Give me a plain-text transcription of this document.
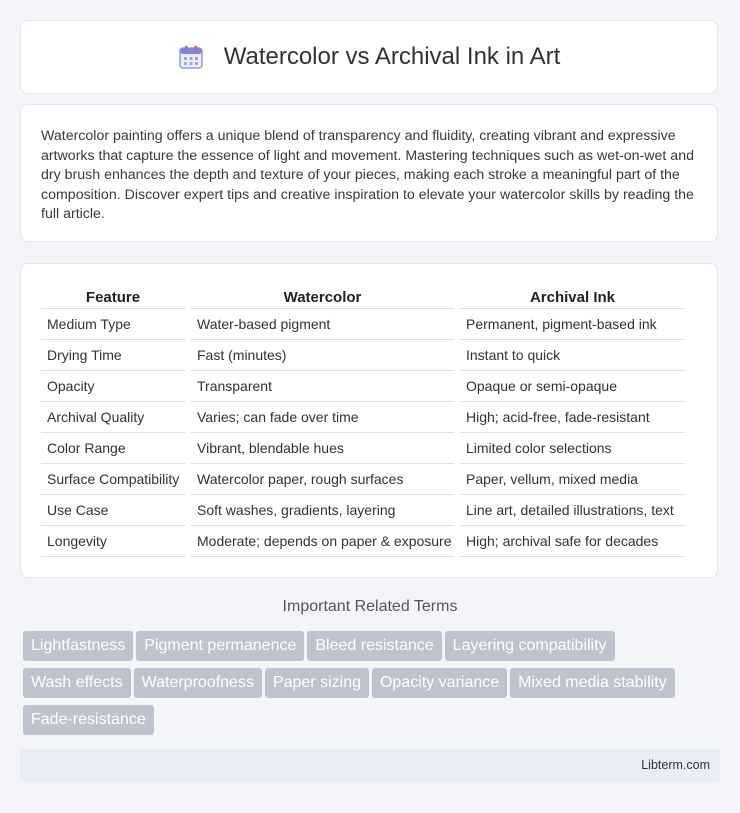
Watercolor vs Archival Ink in Art

Watercolor painting offers a unique blend of transparency and fluidity, creating vibrant and expressive artworks that capture the essence of light and movement. Mastering techniques such as wet-on-wet and dry brush enhances the depth and texture of your pieces, making each stroke a meaningful part of the composition. Discover expert tips and creative inspiration to elevate your watercolor skills by reading the full article.

Feature	Watercolor	Archival Ink
Medium Type	Water-based pigment	Permanent, pigment-based ink
Drying Time	Fast (minutes)	Instant to quick
Opacity	Transparent	Opaque or semi-opaque
Archival Quality	Varies; can fade over time	High; acid-free, fade-resistant
Color Range	Vibrant, blendable hues	Limited color selections
Surface Compatibility	Watercolor paper, rough surfaces	Paper, vellum, mixed media
Use Case	Soft washes, gradients, layering	Line art, detailed illustrations, text
Longevity	Moderate; depends on paper & exposure	High; archival safe for decades
Important Related Terms
Lightfastness Pigment permanence Bleed resistance Layering compatibility
Wash effects Waterproofness Paper sizing Opacity variance Mixed media stability
Fade-resistance
Libterm.com
